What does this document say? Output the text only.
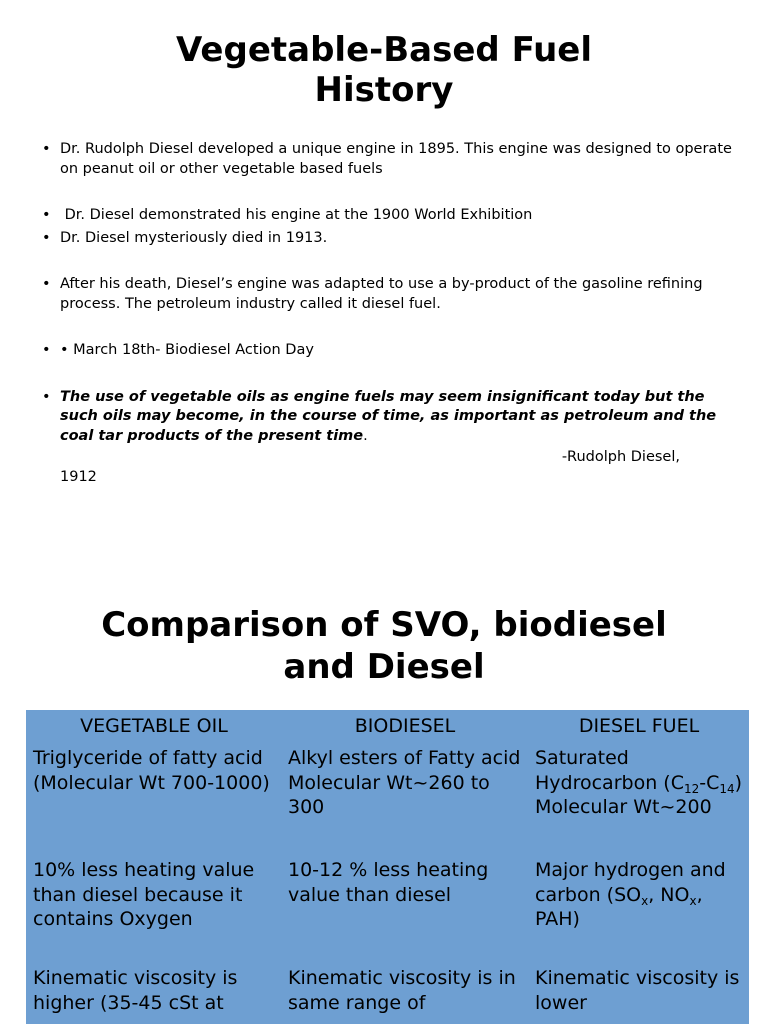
Vegetable-Based Fuel
History
• Dr. Rudolph Diesel developed a unique engine in 1895. This engine was designed to operate on peanut oil or other vegetable based fuels
• Dr. Diesel demonstrated his engine at the 1900 World Exhibition
• Dr. Diesel mysteriously died in 1913.
• After his death, Diesel’s engine was adapted to use a by-product of the gasoline refining process. The petroleum industry called it diesel fuel.
• • March 18th- Biodiesel Action Day
• The use of vegetable oils as engine fuels may seem insignificant today but the such oils may become, in the course of time, as important as petroleum and the coal tar products of the present time.
-Rudolph Diesel,
1912
Comparison of SVO, biodiesel
and Diesel
VEGETABLE OIL	BIODIESEL	DIESEL FUEL
Triglyceride of fatty acid (Molecular Wt 700-1000)
Alkyl esters of Fatty acid
Molecular Wt~260 to 300
Saturated Hydrocarbon $(C_{12}-C_{14})$ Molecular Wt~200
10% less heating value than diesel because it contains Oxygen
10-12 % less heating value than diesel
Major hydrogen and carbon ($SO_x$, $NO_x$, PAH)
Kinematic viscosity is higher (35-45 cSt at
Kinematic viscosity is in same range of
Kinematic viscosity is lower
